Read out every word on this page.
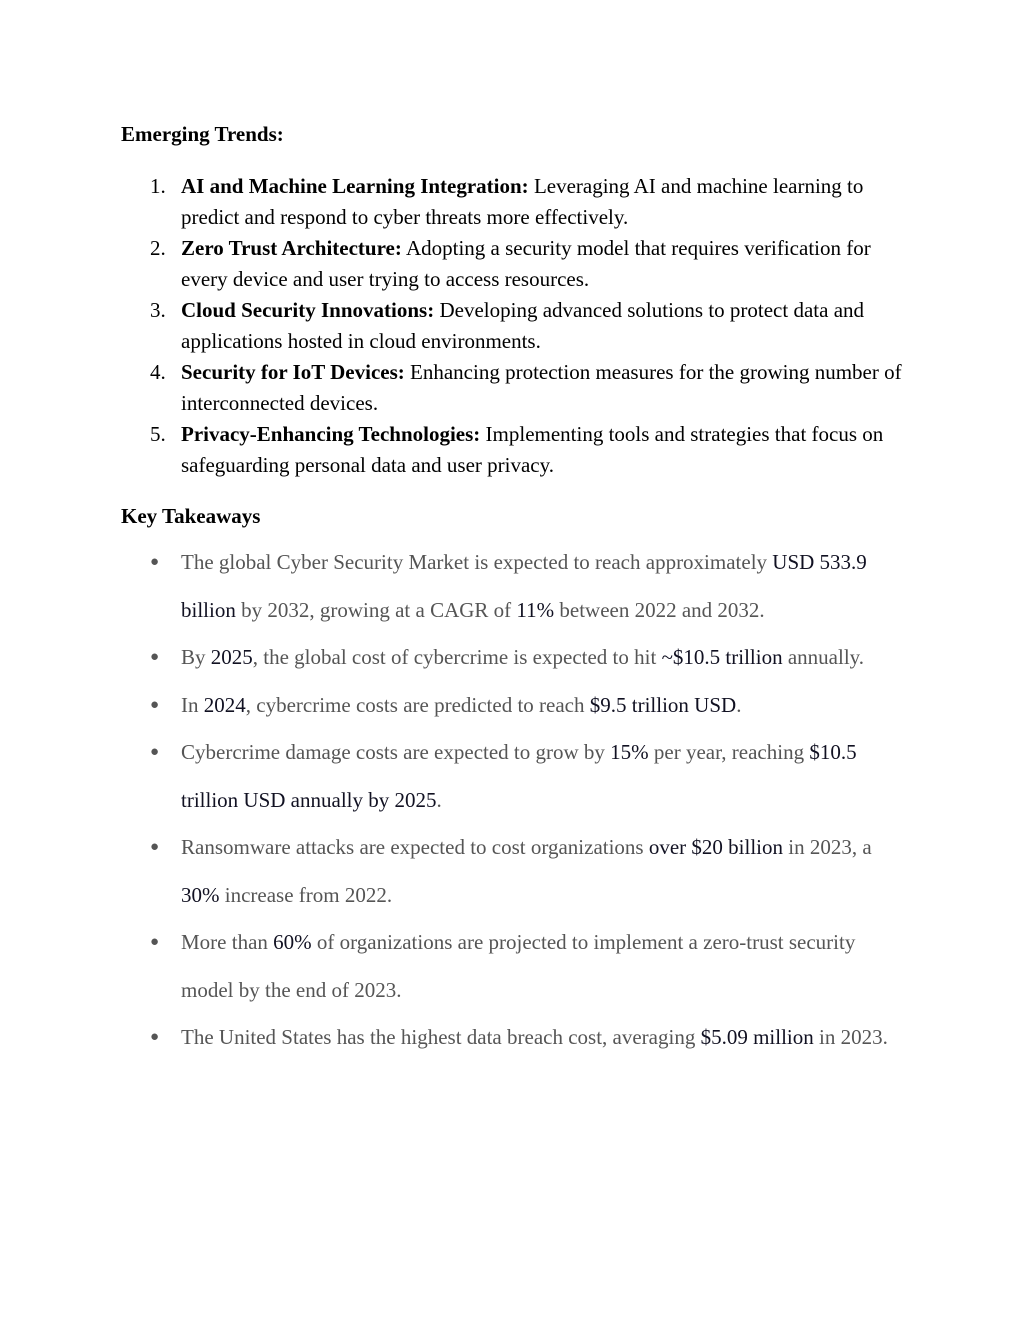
Emerging Trends:
1. AI and Machine Learning Integration: Leveraging AI and machine learning to predict and respond to cyber threats more effectively.
2. Zero Trust Architecture: Adopting a security model that requires verification for every device and user trying to access resources.
3. Cloud Security Innovations: Developing advanced solutions to protect data and applications hosted in cloud environments.
4. Security for IoT Devices: Enhancing protection measures for the growing number of interconnected devices.
5. Privacy-Enhancing Technologies: Implementing tools and strategies that focus on safeguarding personal data and user privacy.
Key Takeaways
● The global Cyber Security Market is expected to reach approximately USD 533.9 billion by 2032, growing at a CAGR of 11% between 2022 and 2032.
● By 2025, the global cost of cybercrime is expected to hit ~$10.5 trillion annually.
● In 2024, cybercrime costs are predicted to reach $9.5 trillion USD.
● Cybercrime damage costs are expected to grow by 15% per year, reaching $10.5 trillion USD annually by 2025.
● Ransomware attacks are expected to cost organizations over $20 billion in 2023, a 30% increase from 2022.
● More than 60% of organizations are projected to implement a zero-trust security model by the end of 2023.
● The United States has the highest data breach cost, averaging $5.09 million in 2023.
